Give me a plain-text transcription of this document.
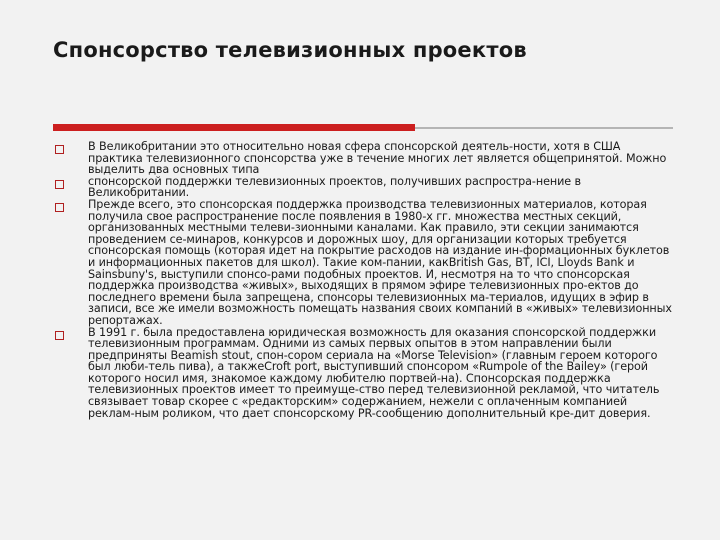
Спонсорство телевизионных проектов
В Великобритании это относительно новая сфера спонсорской деятель-ности, хотя в США практика телевизионного спонсорства уже в течение многих лет является общепринятой. Можно выделить два основных типа
спонсорской поддержки телевизионных проектов, получивших распростра-нение в Великобритании.
Прежде всего, это спонсорская поддержка производства телевизионных материалов, которая получила свое распространение после появления в 1980-х гг. множества местных секций, организованных местными телеви-зионными каналами. Как правило, эти секции занимаются проведением се-минаров, конкурсов и дорожных шоу, для организации которых требуется спонсорская помощь (которая идет на покрытие расходов на издание ин-формационных буклетов и информационных пакетов для школ). Такие ком-пании, какBritish Gas, BT, ICI, Lloyds Bank и Sainsbuny's, выступили спонсо-рами подобных проектов. И, несмотря на то что спонсорская поддержка производства «живых», выходящих в прямом эфире телевизионных про-ектов до последнего времени была запрещена, спонсоры телевизионных ма-териалов, идущих в эфир в записи, все же имели возможность помещать названия своих компаний в «живых» телевизионных репортажах.
В 1991 г. была предоставлена юридическая возможность для оказания спонсорской поддержки телевизионным программам. Одними из самых первых опытов в этом направлении были предприняты Beamish stout, спон-сором сериала на «Morse Television» (главным героем которого был люби-тель пива), а такжеCroft port, выступивший спонсором «Rumpole of the Bailey» (герой которого носил имя, знакомое каждому любителю портвей-на). Спонсорская поддержка телевизионных проектов имеет то преимуще-ство перед телевизионной рекламой, что читатель связывает товар скорее с «редакторским» содержанием, нежели с оплаченным компанией реклам-ным роликом, что дает спонсорскому PR-сообщению дополнительный кре-дит доверия.
